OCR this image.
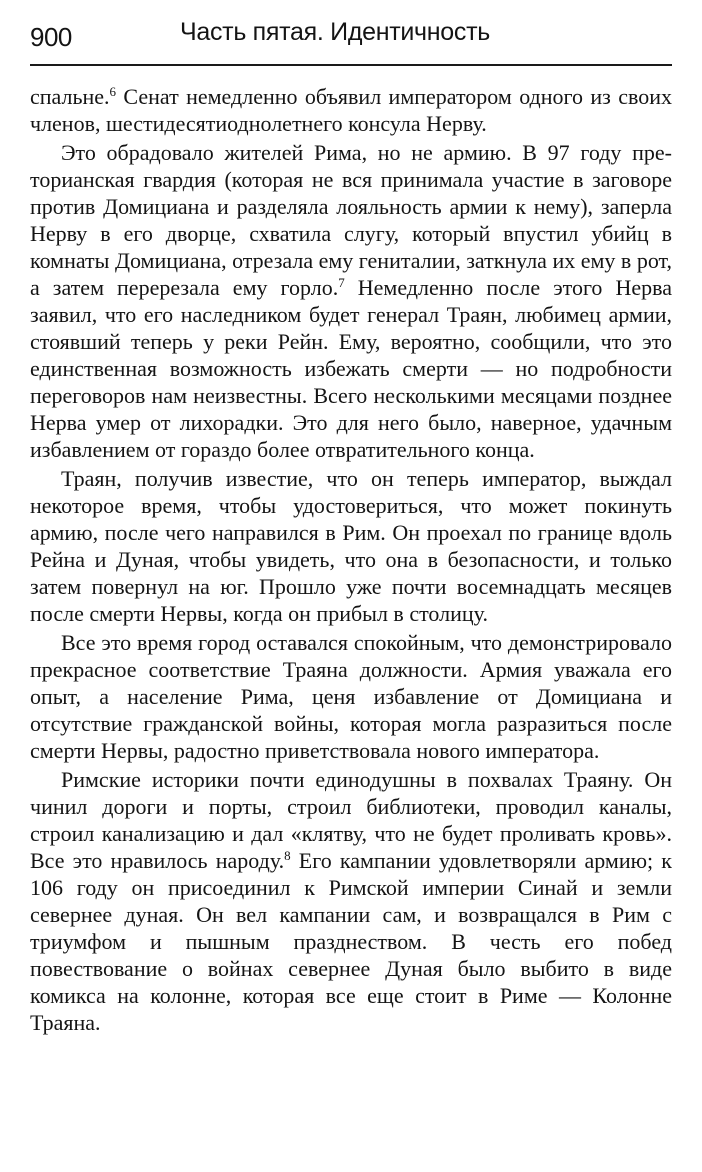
900	Часть пятая. Идентичность

спальне.$^6$ Сенат немедленно объявил императором одного из своих членов, шестидесятиоднолетнего консула Нерву.

Это обрадовало жителей Рима, но не армию. В 97 году преторианская гвардия (которая не вся принимала участие в заговоре против Домициана и разделяла лояльность армии к нему), заперла Нерву в его дворце, схватила слугу, который впустил убийц в комнаты Домициана, отрезала ему гениталии, заткнула их ему в рот, а затем перерезала ему горло.$^7$ Немедленно после этого Нерва заявил, что его наследником будет генерал Траян, любимец армии, стоявший теперь у реки Рейн. Ему, вероятно, сообщили, что это единственная возможность избежать смерти — но подробности переговоров нам неизвестны. Всего несколькими месяцами позднее Нерва умер от лихорадки. Это для него было, наверное, удачным избавлением от гораздо более отвратительного конца.

Траян, получив известие, что он теперь император, выждал некоторое время, чтобы удостовериться, что может покинуть армию, после чего направился в Рим. Он проехал по границе вдоль Рейна и Дуная, чтобы увидеть, что она в безопасности, и только затем повернул на юг. Прошло уже почти восемнадцать месяцев после смерти Нервы, когда он прибыл в столицу.

Все это время город оставался спокойным, что демонстрировало прекрасное соответствие Траяна должности. Армия уважала его опыт, а население Рима, ценя избавление от Домициана и отсутствие гражданской войны, которая могла разразиться после смерти Нервы, радостно приветствовала нового императора.

Римские историки почти единодушны в похвалах Траяну. Он чинил дороги и порты, строил библиотеки, проводил каналы, строил канализацию и дал «клятву, что не будет проливать кровь». Все это нравилось народу.$^8$ Его кампании удовлетворяли армию; к 106 году он присоединил к Римской империи Синай и земли севернее дуная. Он вел кампании сам, и возвращался в Рим с триумфом и пышным празднеством. В честь его побед повествование о войнах севернее Дуная было выбито в виде комикса на колонне, которая все еще стоит в Риме — Колонне Траяна.
